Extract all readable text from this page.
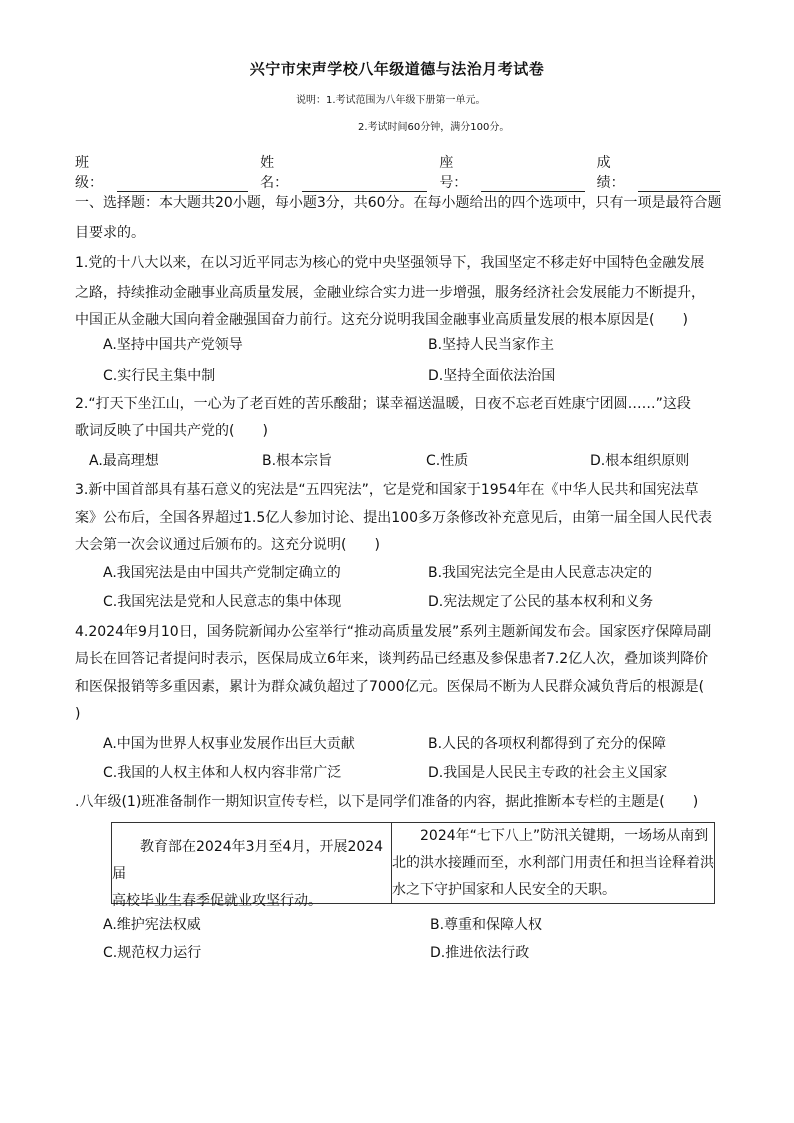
兴宁市宋声学校八年级道德与法治月考试卷
说明：1.考试范围为八年级下册第一单元。
2.考试时间60分钟，满分100分。
班级：
姓名：
座号：
成绩：
一、选择题：本大题共20小题，每小题3分，共60分。在每小题给出的四个选项中，只有一项是最符合题
目要求的。
1.党的十八大以来，在以习近平同志为核心的党中央坚强领导下，我国坚定不移走好中国特色金融发展
之路，持续推动金融事业高质量发展，金融业综合实力进一步增强，服务经济社会发展能力不断提升，
中国正从金融大国向着金融强国奋力前行。这充分说明我国金融事业高质量发展的根本原因是(　　)
A.坚持中国共产党领导	B.坚持人民当家作主
C.实行民主集中制	D.坚持全面依法治国
2.“打天下坐江山，一心为了老百姓的苦乐酸甜；谋幸福送温暖，日夜不忘老百姓康宁团圆……”这段
歌词反映了中国共产党的(　　)
A.最高理想	B.根本宗旨	C.性质	D.根本组织原则
3.新中国首部具有基石意义的宪法是“五四宪法”，它是党和国家于1954年在《中华人民共和国宪法草
案》公布后，全国各界超过1.5亿人参加讨论、提出100多万条修改补充意见后，由第一届全国人民代表
大会第一次会议通过后颁布的。这充分说明(　　)
A.我国宪法是由中国共产党制定确立的	B.我国宪法完全是由人民意志决定的
C.我国宪法是党和人民意志的集中体现	D.宪法规定了公民的基本权利和义务
4.2024年9月10日，国务院新闻办公室举行“推动高质量发展”系列主题新闻发布会。国家医疗保障局副
局长在回答记者提问时表示，医保局成立6年来，谈判药品已经惠及参保患者7.2亿人次，叠加谈判降价
和医保报销等多重因素，累计为群众减负超过了7000亿元。医保局不断为人民群众减负背后的根源是(
)
A.中国为世界人权事业发展作出巨大贡献	B.人民的各项权利都得到了充分的保障
C.我国的人权主体和人权内容非常广泛	D.我国是人民民主专政的社会主义国家
.八年级(1)班准备制作一期知识宣传专栏，以下是同学们准备的内容，据此推断本专栏的主题是(　　)
　　教育部在2024年3月至4月，开展2024届
高校毕业生春季促就业攻坚行动。
　　2024年“七下八上”防汛关键期，一场场从南到
北的洪水接踵而至，水利部门用责任和担当诠释着洪
水之下守护国家和人民安全的天职。
A.维护宪法权威	B.尊重和保障人权
C.规范权力运行	D.推进依法行政
